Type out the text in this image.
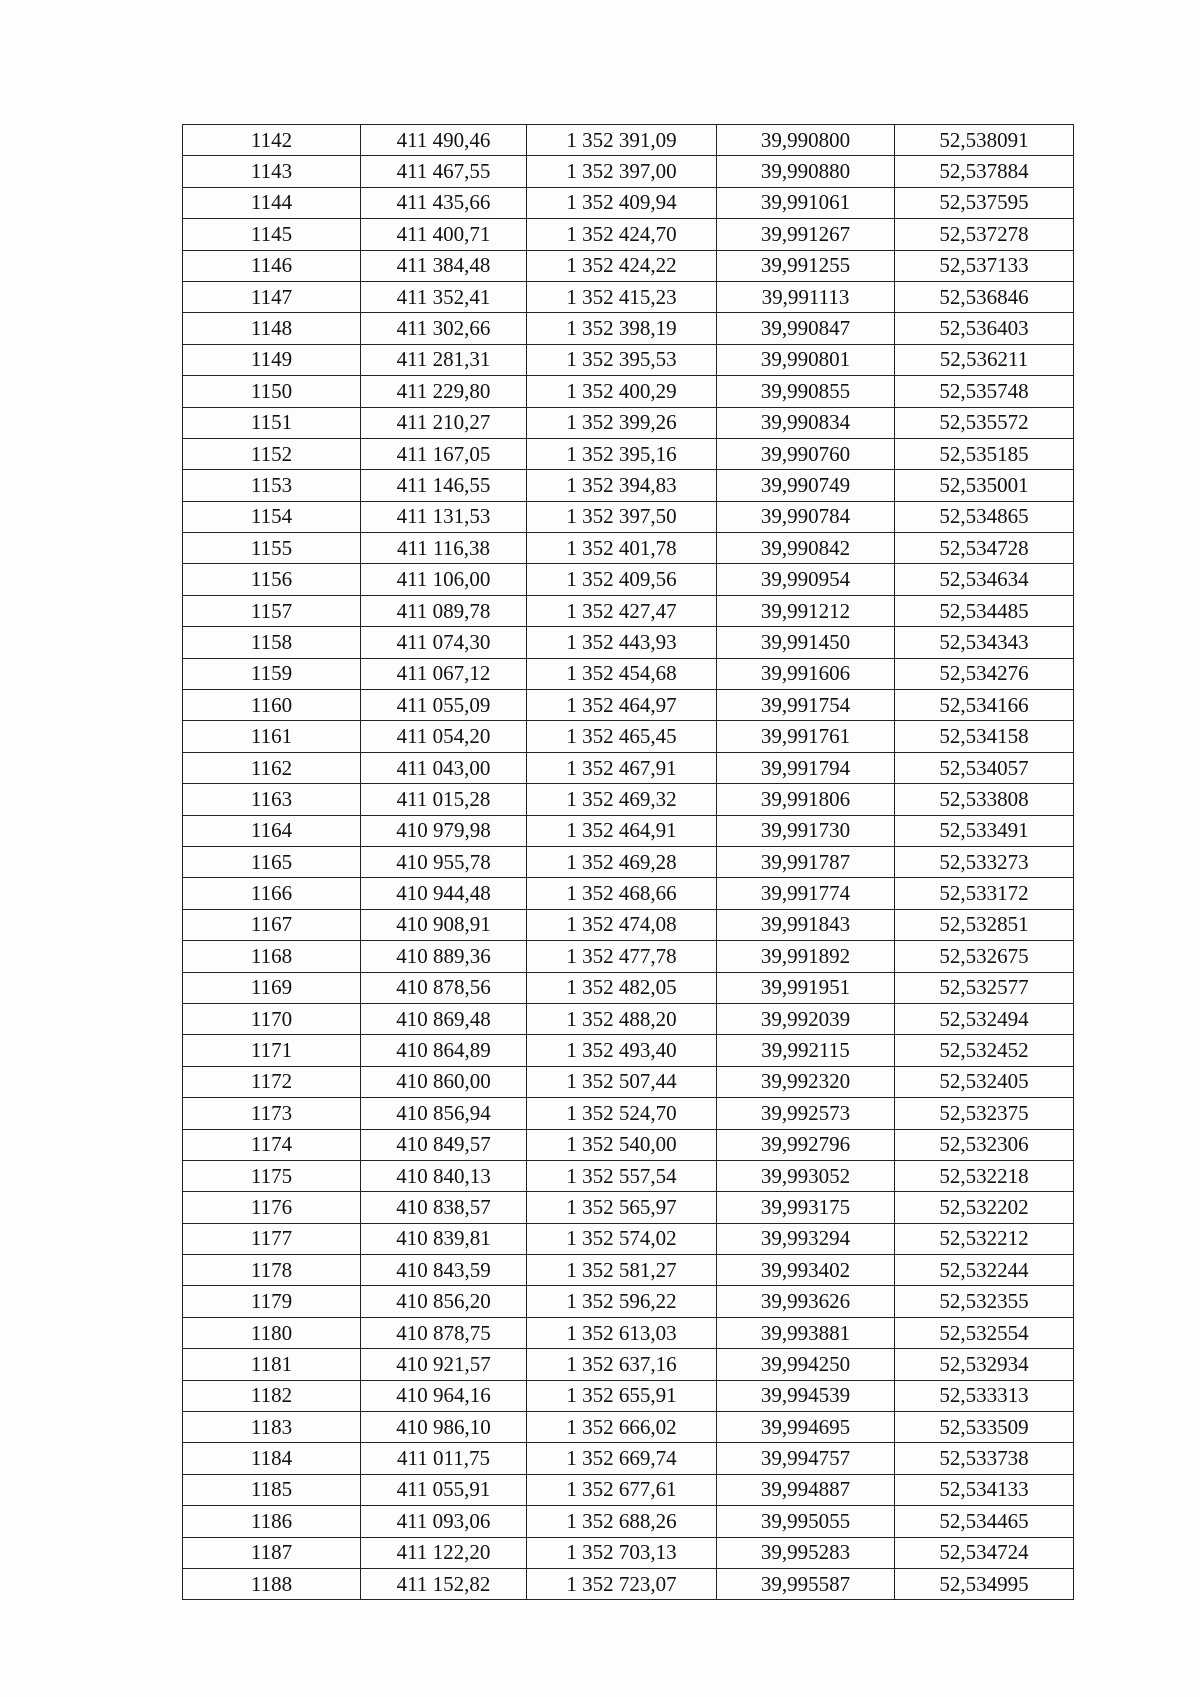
1142	411 490,46	1 352 391,09	39,990800	52,538091
1143	411 467,55	1 352 397,00	39,990880	52,537884
1144	411 435,66	1 352 409,94	39,991061	52,537595
1145	411 400,71	1 352 424,70	39,991267	52,537278
1146	411 384,48	1 352 424,22	39,991255	52,537133
1147	411 352,41	1 352 415,23	39,991113	52,536846
1148	411 302,66	1 352 398,19	39,990847	52,536403
1149	411 281,31	1 352 395,53	39,990801	52,536211
1150	411 229,80	1 352 400,29	39,990855	52,535748
1151	411 210,27	1 352 399,26	39,990834	52,535572
1152	411 167,05	1 352 395,16	39,990760	52,535185
1153	411 146,55	1 352 394,83	39,990749	52,535001
1154	411 131,53	1 352 397,50	39,990784	52,534865
1155	411 116,38	1 352 401,78	39,990842	52,534728
1156	411 106,00	1 352 409,56	39,990954	52,534634
1157	411 089,78	1 352 427,47	39,991212	52,534485
1158	411 074,30	1 352 443,93	39,991450	52,534343
1159	411 067,12	1 352 454,68	39,991606	52,534276
1160	411 055,09	1 352 464,97	39,991754	52,534166
1161	411 054,20	1 352 465,45	39,991761	52,534158
1162	411 043,00	1 352 467,91	39,991794	52,534057
1163	411 015,28	1 352 469,32	39,991806	52,533808
1164	410 979,98	1 352 464,91	39,991730	52,533491
1165	410 955,78	1 352 469,28	39,991787	52,533273
1166	410 944,48	1 352 468,66	39,991774	52,533172
1167	410 908,91	1 352 474,08	39,991843	52,532851
1168	410 889,36	1 352 477,78	39,991892	52,532675
1169	410 878,56	1 352 482,05	39,991951	52,532577
1170	410 869,48	1 352 488,20	39,992039	52,532494
1171	410 864,89	1 352 493,40	39,992115	52,532452
1172	410 860,00	1 352 507,44	39,992320	52,532405
1173	410 856,94	1 352 524,70	39,992573	52,532375
1174	410 849,57	1 352 540,00	39,992796	52,532306
1175	410 840,13	1 352 557,54	39,993052	52,532218
1176	410 838,57	1 352 565,97	39,993175	52,532202
1177	410 839,81	1 352 574,02	39,993294	52,532212
1178	410 843,59	1 352 581,27	39,993402	52,532244
1179	410 856,20	1 352 596,22	39,993626	52,532355
1180	410 878,75	1 352 613,03	39,993881	52,532554
1181	410 921,57	1 352 637,16	39,994250	52,532934
1182	410 964,16	1 352 655,91	39,994539	52,533313
1183	410 986,10	1 352 666,02	39,994695	52,533509
1184	411 011,75	1 352 669,74	39,994757	52,533738
1185	411 055,91	1 352 677,61	39,994887	52,534133
1186	411 093,06	1 352 688,26	39,995055	52,534465
1187	411 122,20	1 352 703,13	39,995283	52,534724
1188	411 152,82	1 352 723,07	39,995587	52,534995
